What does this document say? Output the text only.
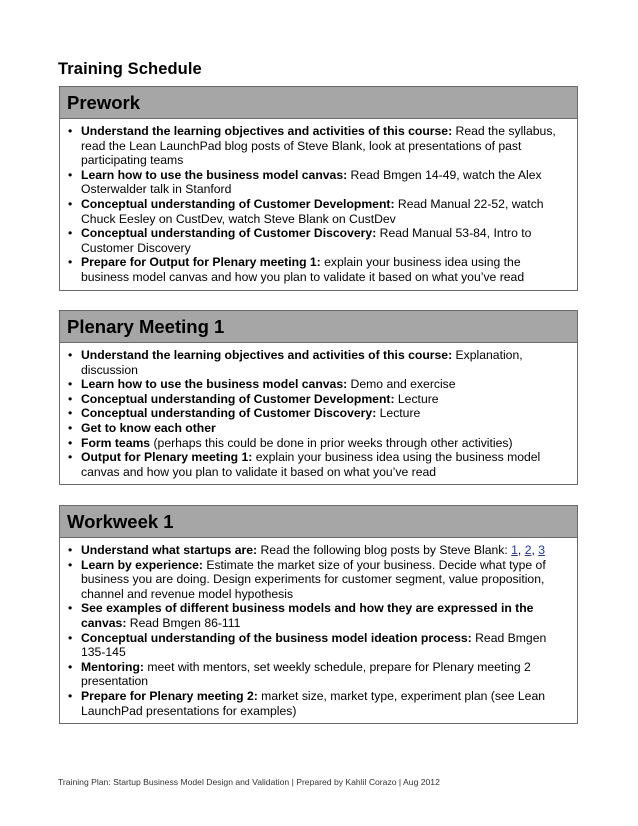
Training Schedule
Prework
• Understand the learning objectives and activities of this course: Read the syllabus, read the Lean LaunchPad blog posts of Steve Blank, look at presentations of past participating teams
• Learn how to use the business model canvas: Read Bmgen 14-49, watch the Alex Osterwalder talk in Stanford
• Conceptual understanding of Customer Development: Read Manual 22-52, watch Chuck Eesley on CustDev, watch Steve Blank on CustDev
• Conceptual understanding of Customer Discovery: Read Manual 53-84, Intro to Customer Discovery
• Prepare for Output for Plenary meeting 1: explain your business idea using the business model canvas and how you plan to validate it based on what you’ve read
Plenary Meeting 1
• Understand the learning objectives and activities of this course: Explanation, discussion
• Learn how to use the business model canvas: Demo and exercise
• Conceptual understanding of Customer Development: Lecture
• Conceptual understanding of Customer Discovery: Lecture
• Get to know each other
• Form teams (perhaps this could be done in prior weeks through other activities)
• Output for Plenary meeting 1: explain your business idea using the business model canvas and how you plan to validate it based on what you’ve read
Workweek 1
• Understand what startups are: Read the following blog posts by Steve Blank: 1, 2, 3
• Learn by experience: Estimate the market size of your business. Decide what type of business you are doing. Design experiments for customer segment, value proposition, channel and revenue model hypothesis
• See examples of different business models and how they are expressed in the canvas: Read Bmgen 86-111
• Conceptual understanding of the business model ideation process: Read Bmgen 135-145
• Mentoring: meet with mentors, set weekly schedule, prepare for Plenary meeting 2 presentation
• Prepare for Plenary meeting 2: market size, market type, experiment plan (see Lean LaunchPad presentations for examples)
Training Plan: Startup Business Model Design and Validation | Prepared by Kahlil Corazo | Aug 2012
